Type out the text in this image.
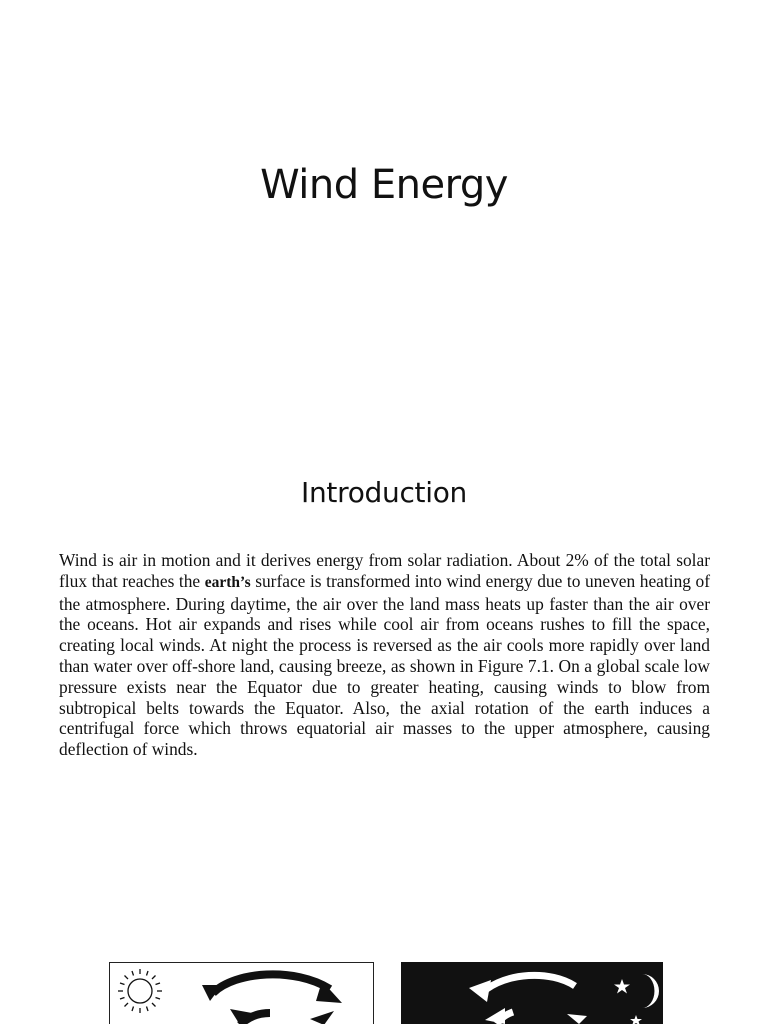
Wind Energy
Introduction

Wind is air in motion and it derives energy from solar radiation. About 2% of the total solar flux that reaches the earth’s surface is transformed into wind energy due to uneven heating of the atmosphere. During daytime, the air over the land mass heats up faster than the air over the oceans. Hot air expands and rises while cool air from oceans rushes to fill the space, creating local winds. At night the process is reversed as the air cools more rapidly over land than water over off-shore land, causing breeze, as shown in Figure 7.1. On a global scale low pressure exists near the Equator due to greater heating, causing winds to blow from subtropical belts towards the Equator. Also, the axial rotation of the earth induces a centrifugal force which throws equatorial air masses to the upper atmosphere, causing deflection of winds.
